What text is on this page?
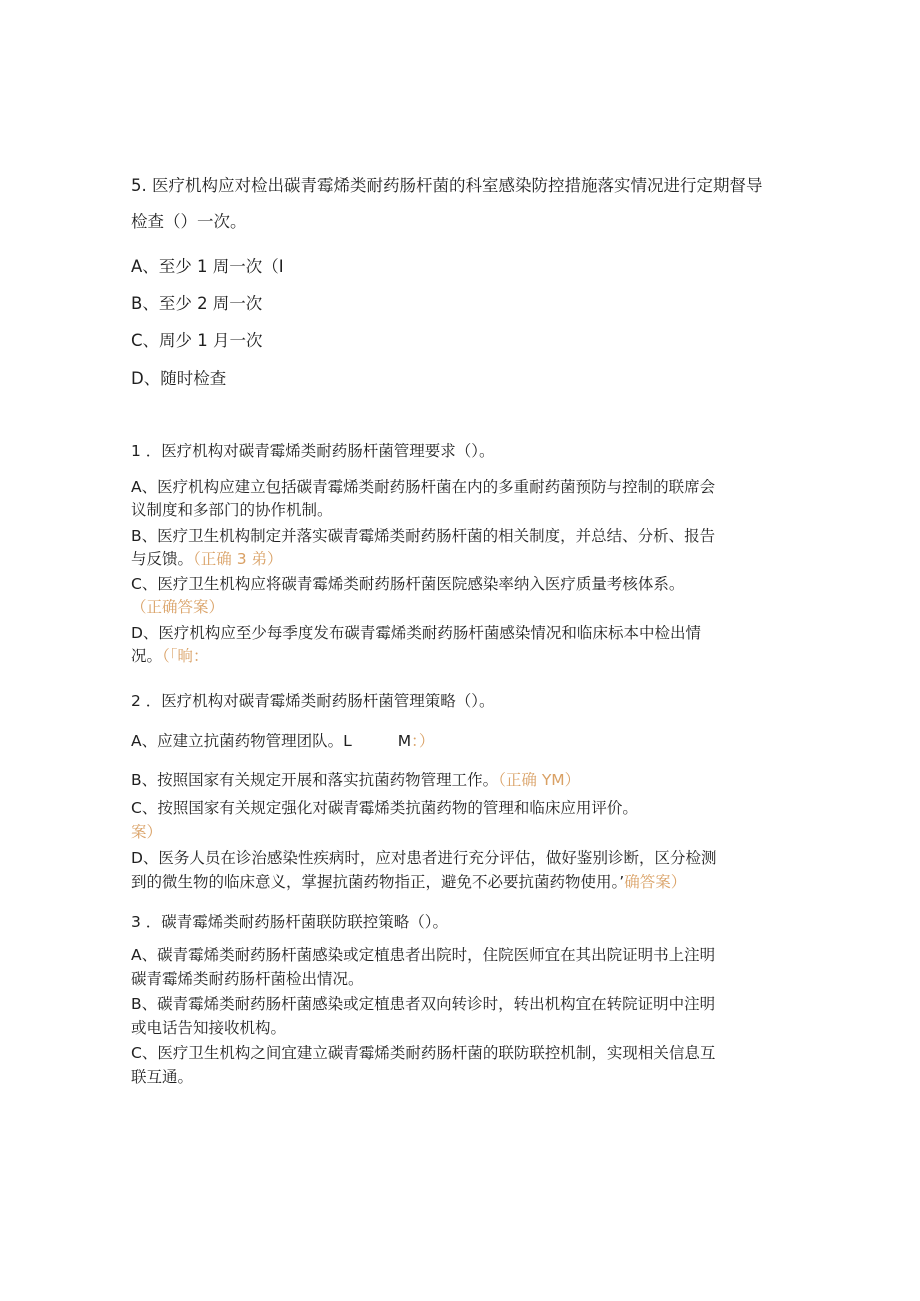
5. 医疗机构应对检出碳青霉烯类耐药肠杆菌的科室感染防控措施落实情况进行定期督导
检查（）一次。
A、至少 1 周一次（I
B、至少 2 周一次
C、周少 1 月一次
D、随时检查
1 ．医疗机构对碳青霉烯类耐药肠杆菌管理要求（）。
A、医疗机构应建立包括碳青霉烯类耐药肠杆菌在内的多重耐药菌预防与控制的联席会
议制度和多部门的协作机制。
B、医疗卫生机构制定并落实碳青霉烯类耐药肠杆菌的相关制度，并总结、分析、报告
与反馈。（正确 3 弟）
C、医疗卫生机构应将碳青霉烯类耐药肠杆菌医院感染率纳入医疗质量考核体系。
（正确答案）
D、医疗机构应至少每季度发布碳青霉烯类耐药肠杆菌感染情况和临床标本中检出情
况。（「晌：
2 ．医疗机构对碳青霉烯类耐药肠杆菌管理策略（）。
A、应建立抗菌药物管理团队。L	M：）
B、按照国家有关规定开展和落实抗菌药物管理工作。（正确 YM）
C、按照国家有关规定强化对碳青霉烯类抗菌药物的管理和临床应用评价。
案）
D、医务人员在诊治感染性疾病时，应对患者进行充分评估，做好鉴别诊断，区分检测
到的微生物的临床意义，掌握抗菌药物指正，避免不必要抗菌药物使用。’确答案）
3 ．碳青霉烯类耐药肠杆菌联防联控策略（）。
A、碳青霉烯类耐药肠杆菌感染或定植患者出院时，住院医师宜在其出院证明书上注明
碳青霉烯类耐药肠杆菌检出情况。
B、碳青霉烯类耐药肠杆菌感染或定植患者双向转诊时，转出机构宜在转院证明中注明
或电话告知接收机构。
C、医疗卫生机构之间宜建立碳青霉烯类耐药肠杆菌的联防联控机制，实现相关信息互
联互通。
